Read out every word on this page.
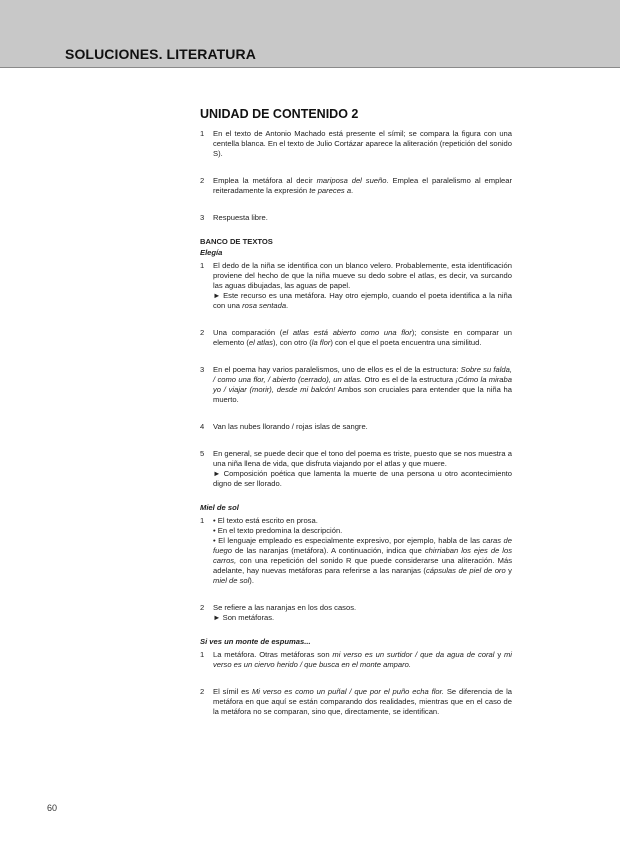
SOLUCIONES. LITERATURA
UNIDAD DE CONTENIDO 2
1	En el texto de Antonio Machado está presente el símil; se compara la figura con una centella blanca. En el texto de Julio Cortázar aparece la aliteración (repetición del sonido S).
2	Emplea la metáfora al decir mariposa del sueño. Emplea el paralelismo al emplear reiteradamente la expresión te pareces a.
3	Respuesta libre.
BANCO DE TEXTOS
Elegía
1	El dedo de la niña se identifica con un blanco velero. Probablemente, esta identificación proviene del hecho de que la niña mueve su dedo sobre el atlas, es decir, va surcando las aguas dibujadas, las aguas de papel.

► Este recurso es una metáfora. Hay otro ejemplo, cuando el poeta identifica a la niña con una rosa sentada.

2	Una comparación (el atlas está abierto como una flor); consiste en comparar un elemento (el atlas), con otro (la flor) con el que el poeta encuentra una similitud.
3	En el poema hay varios paralelismos, uno de ellos es el de la estructura: Sobre su falda, / como una flor, / abierto (cerrado), un atlas. Otro es el de la estructura ¡Cómo la miraba yo / viajar (morir), desde mi balcón! Ambos son cruciales para entender que la niña ha muerto.
4	Van las nubes llorando / rojas islas de sangre.
5	En general, se puede decir que el tono del poema es triste, puesto que se nos muestra a una niña llena de vida, que disfruta viajando por el atlas y que muere.

► Composición poética que lamenta la muerte de una persona u otro acontecimiento digno de ser llorado.

Miel de sol
1	• El texto está escrito en prosa.

• En el texto predomina la descripción.

• El lenguaje empleado es especialmente expresivo, por ejemplo, habla de las caras de fuego de las naranjas (metáfora). A continuación, indica que chirriaban los ejes de los carros, con una repetición del sonido R que puede considerarse una aliteración. Más adelante, hay nuevas metáforas para referirse a las naranjas (cápsulas de piel de oro y miel de sol).

2	Se refiere a las naranjas en los dos casos.

► Son metáforas.

Si ves un monte de espumas...
1	La metáfora. Otras metáforas son mi verso es un surtidor / que da agua de coral y mi verso es un ciervo herido / que busca en el monte amparo.
2	El símil es Mi verso es como un puñal / que por el puño echa flor. Se diferencia de la metáfora en que aquí se están comparando dos realidades, mientras que en el caso de la metáfora no se comparan, sino que, directamente, se identifican.
60
